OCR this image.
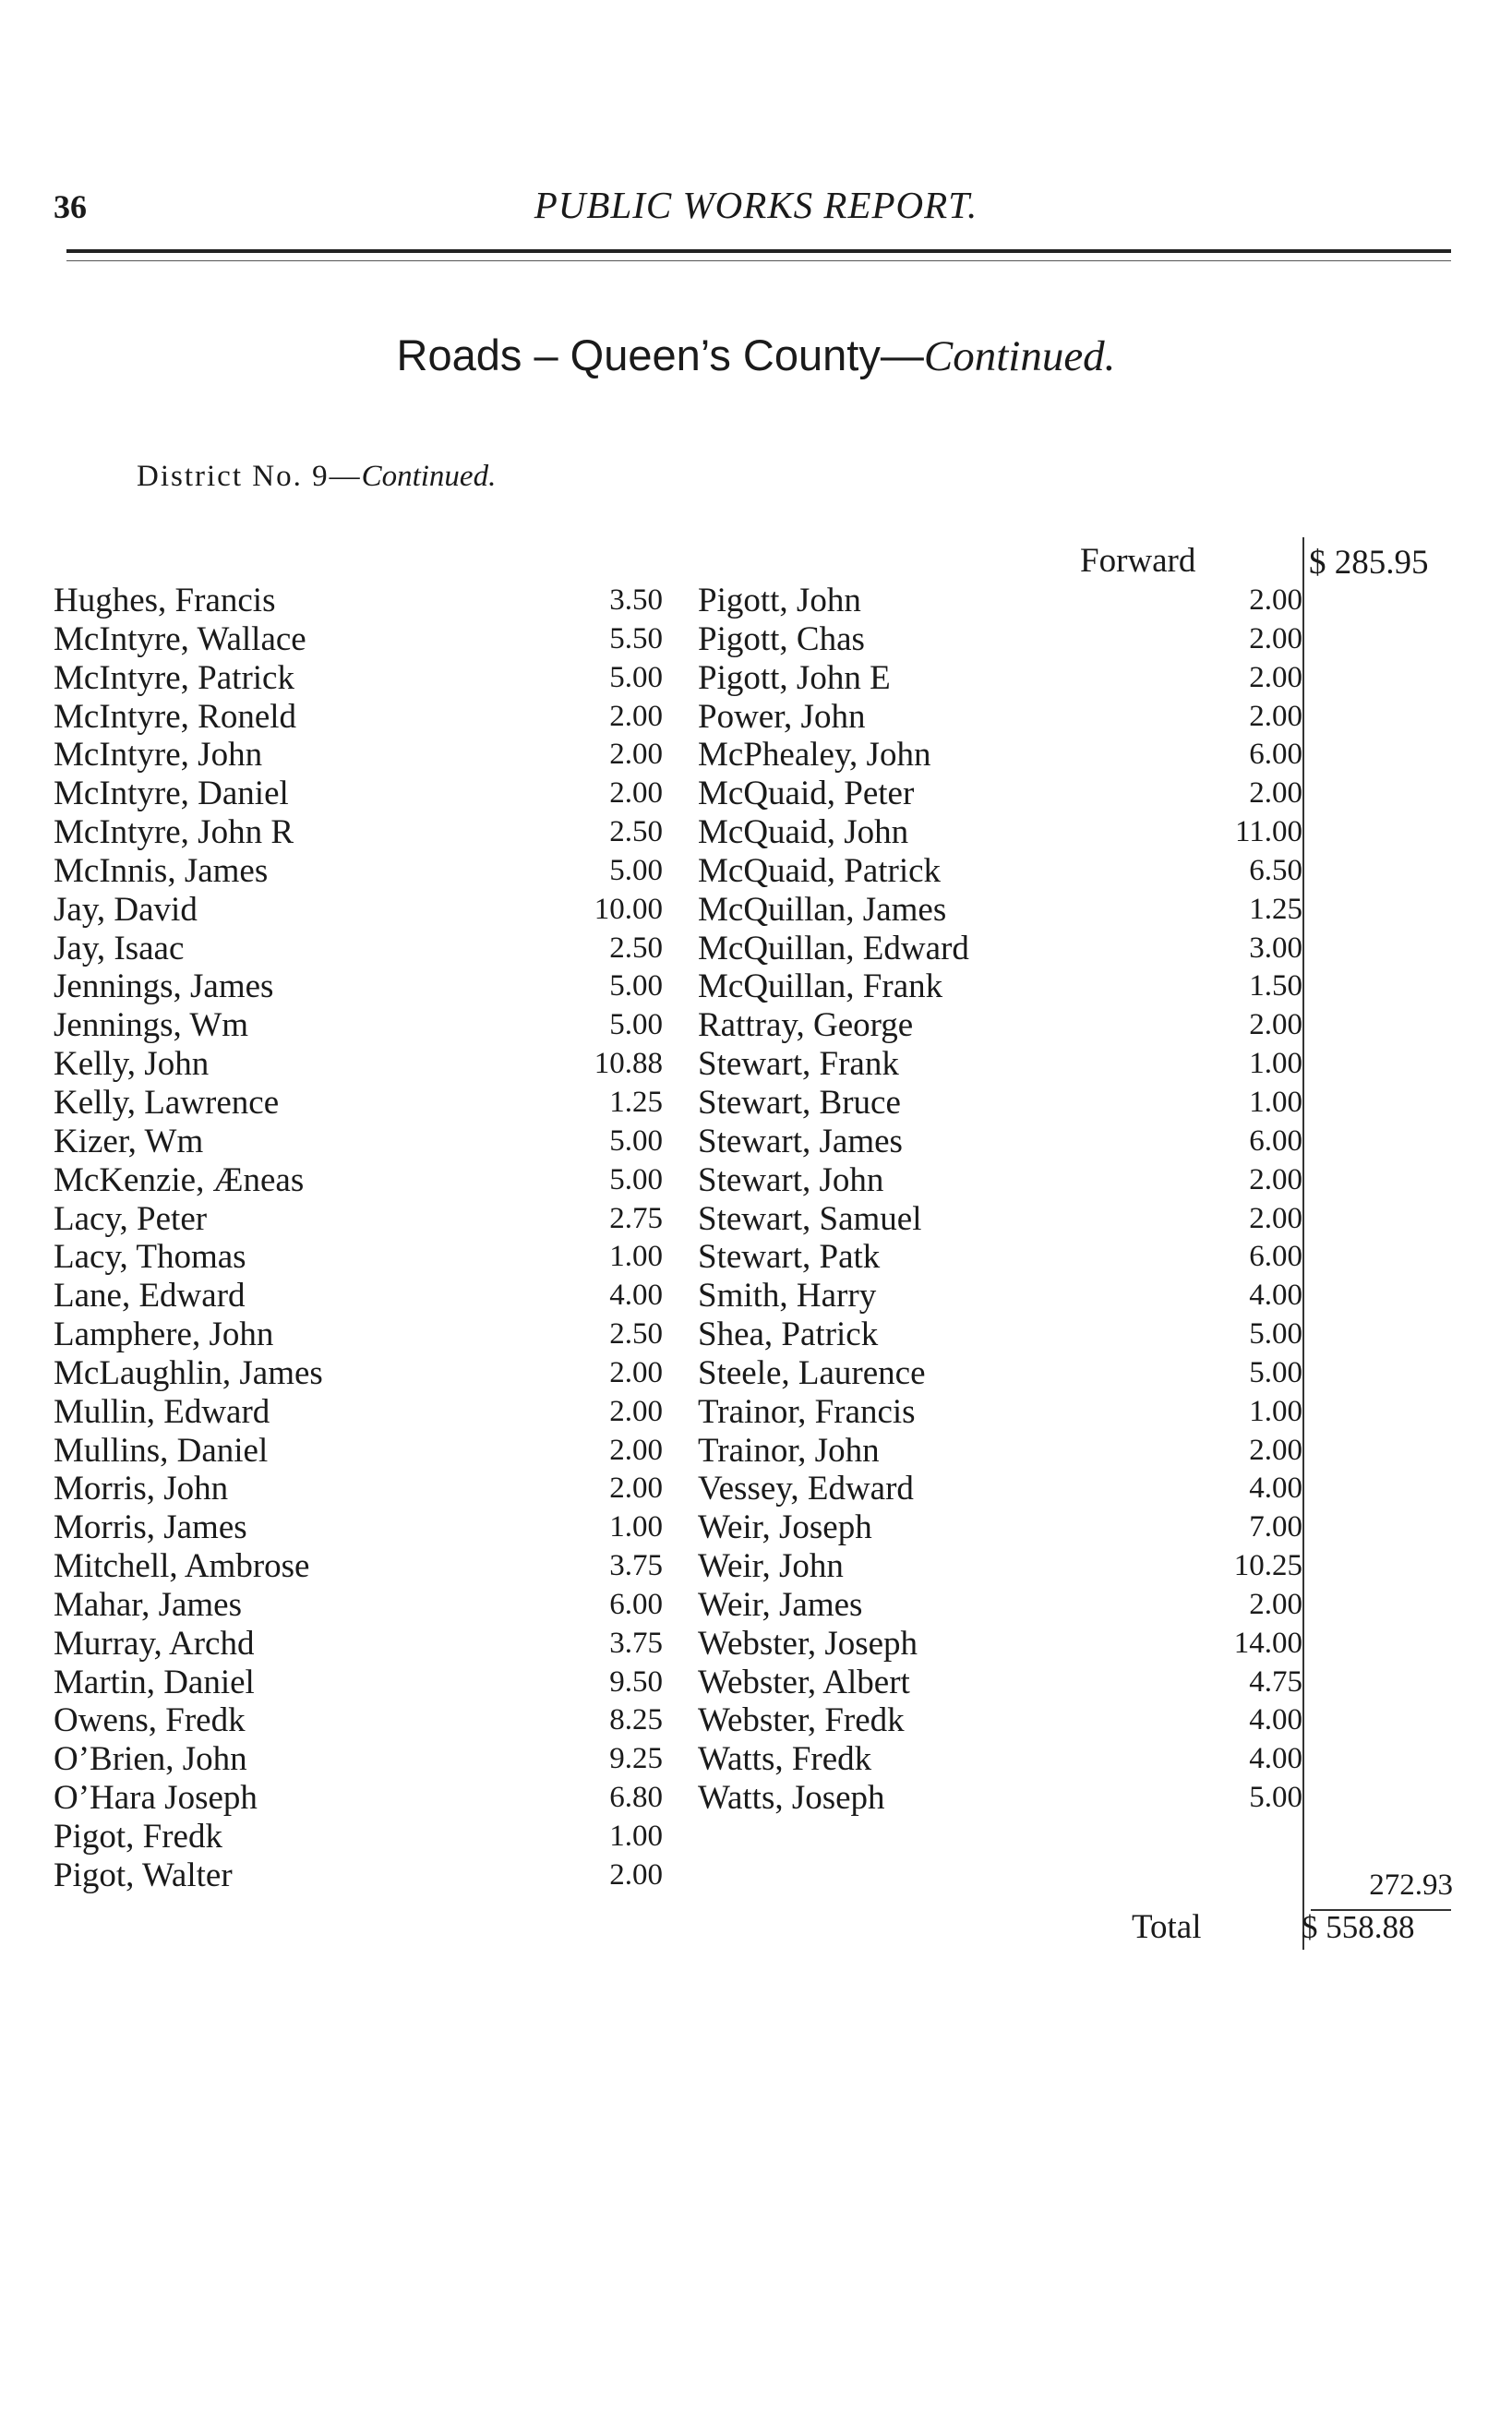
36	PUBLIC WORKS REPORT.
Roads – Queen’s County—Continued.
District No. 9—Continued.
Forward	$ 285.95
Hughes, Francis	3.50
McIntyre, Wallace	5.50
McIntyre, Patrick	5.00
McIntyre, Roneld	2.00
McIntyre, John	2.00
McIntyre, Daniel	2.00
McIntyre, John R	2.50
McInnis, James	5.00
Jay, David	10.00
Jay, Isaac	2.50
Jennings, James	5.00
Jennings, Wm	5.00
Kelly, John	10.88
Kelly, Lawrence	1.25
Kizer, Wm	5.00
McKenzie, Æneas	5.00
Lacy, Peter	2.75
Lacy, Thomas	1.00
Lane, Edward	4.00
Lamphere, John	2.50
McLaughlin, James	2.00
Mullin, Edward	2.00
Mullins, Daniel	2.00
Morris, John	2.00
Morris, James	1.00
Mitchell, Ambrose	3.75
Mahar, James	6.00
Murray, Archd	3.75
Martin, Daniel	9.50
Owens, Fredk	8.25
O’Brien, John	9.25
O’Hara Joseph	6.80
Pigot, Fredk	1.00
Pigot, Walter	2.00
Pigott, John	2.00
Pigott, Chas	2.00
Pigott, John E	2.00
Power, John	2.00
McPhealey, John	6.00
McQuaid, Peter	2.00
McQuaid, John	11.00
McQuaid, Patrick	6.50
McQuillan, James	1.25
McQuillan, Edward	3.00
McQuillan, Frank	1.50
Rattray, George	2.00
Stewart, Frank	1.00
Stewart, Bruce	1.00
Stewart, James	6.00
Stewart, John	2.00
Stewart, Samuel	2.00
Stewart, Patk	6.00
Smith, Harry	4.00
Shea, Patrick	5.00
Steele, Laurence	5.00
Trainor, Francis	1.00
Trainor, John	2.00
Vessey, Edward	4.00
Weir, Joseph	7.00
Weir, John	10.25
Weir, James	2.00
Webster, Joseph	14.00
Webster, Albert	4.75
Webster, Fredk	4.00
Watts, Fredk	4.00
Watts, Joseph	5.00
272.93
Total	$ 558.88
